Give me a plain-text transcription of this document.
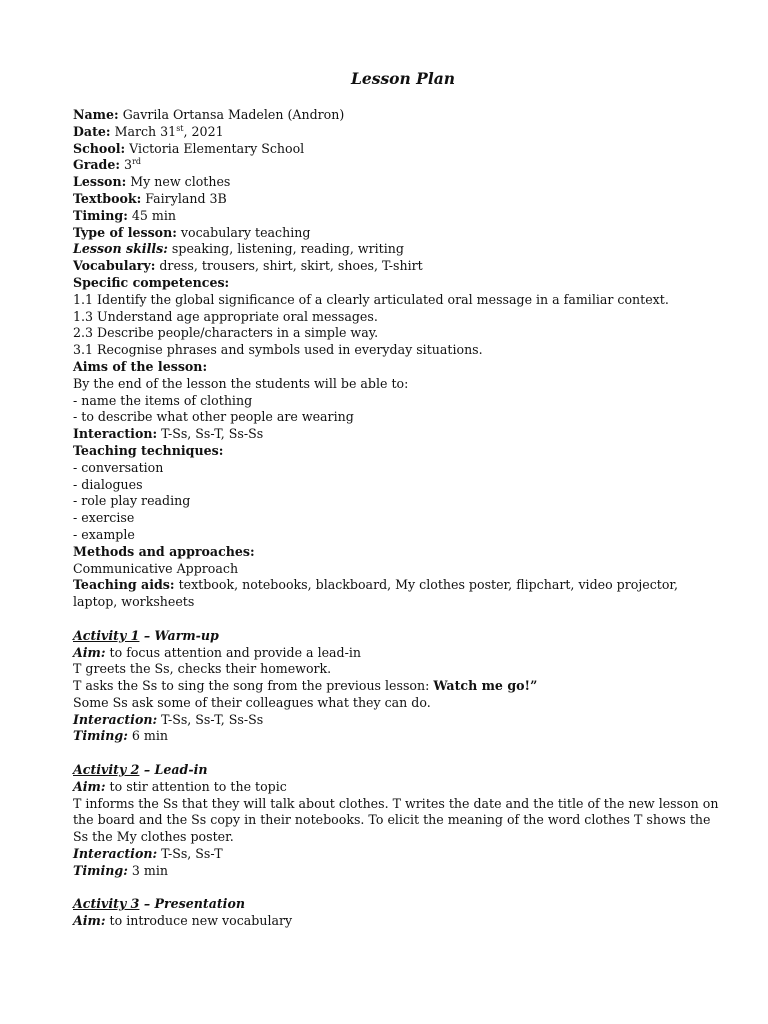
Lesson Plan
Name: Gavrila Ortansa Madelen (Andron)
Date: March 31st, 2021
School: Victoria Elementary School
Grade: 3rd
Lesson: My new clothes
Textbook: Fairyland 3B
Timing: 45 min
Type of lesson: vocabulary teaching
Lesson skills: speaking, listening, reading, writing
Vocabulary: dress, trousers, shirt, skirt, shoes, T-shirt
Specific competences:
1.1 Identify the global significance of a clearly articulated oral message in a familiar context.
1.3 Understand age appropriate oral messages.
2.3 Describe people/characters in a simple way.
3.1 Recognise phrases and symbols used in everyday situations.
Aims of the lesson:
By the end of the lesson the students will be able to:
- name the items of clothing
- to describe what other people are wearing
Interaction: T-Ss, Ss-T, Ss-Ss
Teaching techniques:
- conversation
- dialogues
- role play reading
- exercise
- example
Methods and approaches:
Communicative Approach
Teaching aids: textbook, notebooks, blackboard, My clothes poster, flipchart, video projector, laptop, worksheets
Activity 1 – Warm-up
Aim: to focus attention and provide a lead-in
T greets the Ss, checks their homework.
T asks the Ss to sing the song from the previous lesson: Watch me go!”
Some Ss ask some of their colleagues what they can do.
Interaction: T-Ss, Ss-T, Ss-Ss
Timing: 6 min
Activity 2 – Lead-in
Aim: to stir attention to the topic
T informs the Ss that they will talk about clothes. T writes the date and the title of the new lesson on the board and the Ss copy in their notebooks. To elicit the meaning of the word clothes T shows the Ss the My clothes poster.
Interaction: T-Ss, Ss-T
Timing: 3 min
Activity 3 – Presentation
Aim: to introduce new vocabulary
